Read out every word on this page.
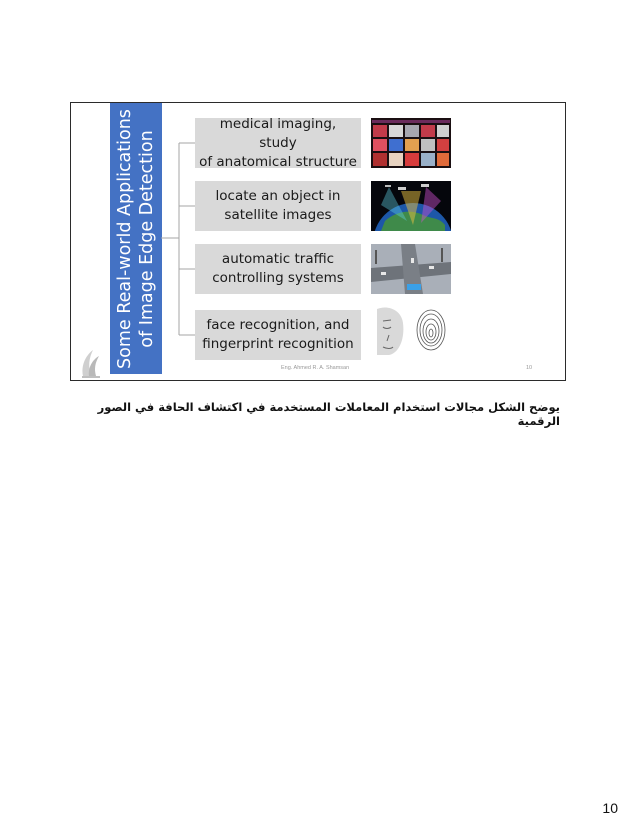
Some Real-world Applications of Image Edge Detection
medical imaging, study
of anatomical structure
locate an object in
satellite images
automatic traffic
controlling systems
face recognition, and
fingerprint recognition
Eng. Ahmed R. A. Shamsan	10
يوضح الشكل مجالات استخدام المعاملات المستخدمة في اكتشاف الحافة في الصور الرقمية
10
